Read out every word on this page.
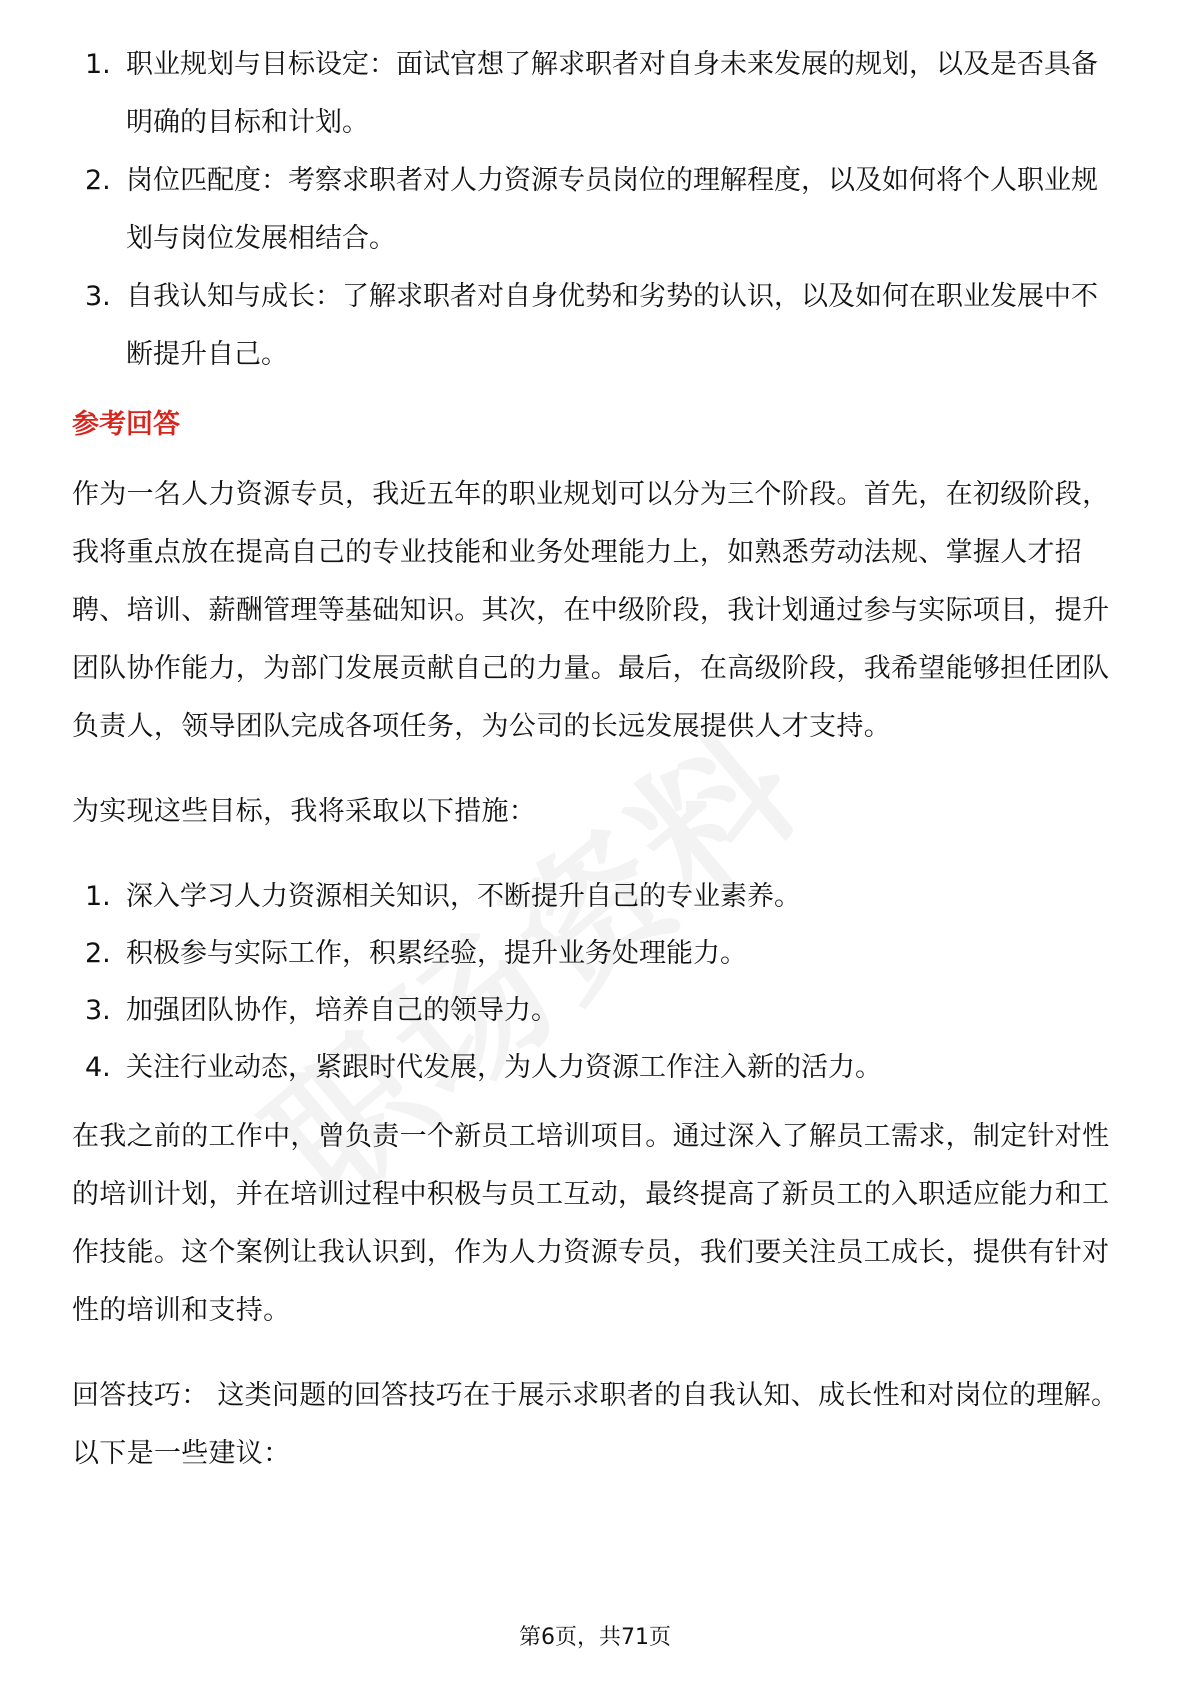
1. 职业规划与目标设定：面试官想了解求职者对自身未来发展的规划，以及是否具备明确的目标和计划。
2. 岗位匹配度：考察求职者对人力资源专员岗位的理解程度，以及如何将个人职业规划与岗位发展相结合。
3. 自我认知与成长：了解求职者对自身优势和劣势的认识，以及如何在职业发展中不断提升自己。
参考回答

作为一名人力资源专员，我近五年的职业规划可以分为三个阶段。首先，在初级阶段，我将重点放在提高自己的专业技能和业务处理能力上，如熟悉劳动法规、掌握人才招聘、培训、薪酬管理等基础知识。其次，在中级阶段，我计划通过参与实际项目，提升团队协作能力，为部门发展贡献自己的力量。最后，在高级阶段，我希望能够担任团队负责人，领导团队完成各项任务，为公司的长远发展提供人才支持。

为实现这些目标，我将采取以下措施：

1. 深入学习人力资源相关知识，不断提升自己的专业素养。
2. 积极参与实际工作，积累经验，提升业务处理能力。
3. 加强团队协作，培养自己的领导力。
4. 关注行业动态，紧跟时代发展，为人力资源工作注入新的活力。

在我之前的工作中，曾负责一个新员工培训项目。通过深入了解员工需求，制定针对性的培训计划，并在培训过程中积极与员工互动，最终提高了新员工的入职适应能力和工作技能。这个案例让我认识到，作为人力资源专员，我们要关注员工成长，提供有针对性的培训和支持。

回答技巧： 这类问题的回答技巧在于展示求职者的自我认知、成长性和对岗位的理解。以下是一些建议：

第6页，共71页
